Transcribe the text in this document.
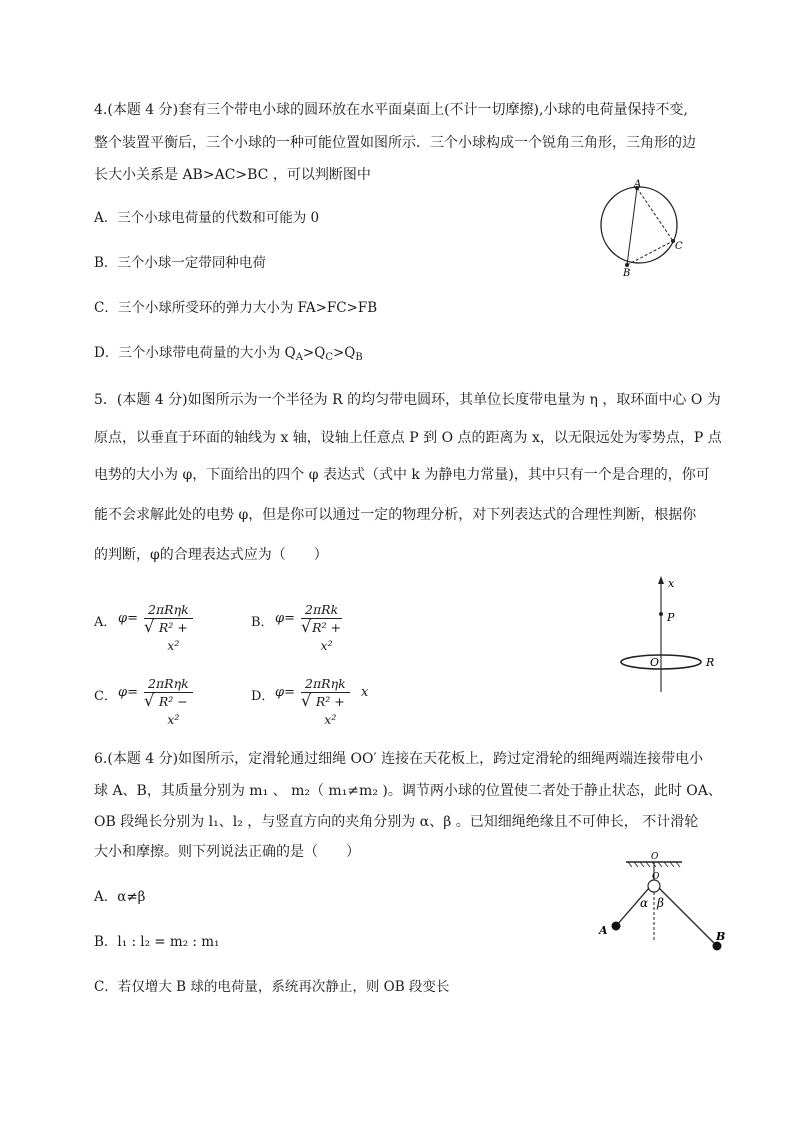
4.(本题 4 分)套有三个带电小球的圆环放在水平面桌面上(不计一切摩擦),小球的电荷量保持不变,
整个装置平衡后，三个小球的一种可能位置如图所示．三个小球构成一个锐角三角形，三角形的边
长大小关系是 AB>AC>BC ，可以判断图中
A．三个小球电荷量的代数和可能为 0
B．三个小球一定带同种电荷
C．三个小球所受环的弹力大小为 FA>FC>FB
D．三个小球带电荷量的大小为 $Q_A>Q_C>Q_B$
A
B
C
5．(本题 4 分)如图所示为一个半径为 R 的均匀带电圆环，其单位长度带电量为 η ，取环面中心 O 为
原点，以垂直于环面的轴线为 x 轴，设轴上任意点 P 到 O 点的距离为 x，以无限远处为零势点，P 点
电势的大小为 φ，下面给出的四个 φ 表达式（式中 k 为静电力常量)，其中只有一个是合理的，你可
能不会求解此处的电势 φ，但是你可以通过一定的物理分析，对下列表达式的合理性判断，根据你
的判断，φ的合理表达式应为（　　）
A． φ=
2πRηk
√ R² + x²
B． φ=
2πRk
√ R² + x²
C． φ=
2πRηk
√ R² − x²
D． φ=
2πRηk
√ R² + x²
x
x
P
O	R
6.(本题 4 分)如图所示，定滑轮通过细绳 OO′ 连接在天花板上，跨过定滑轮的细绳两端连接带电小
球 A、B，其质量分别为 m₁ 、 m₂（ m₁≠m₂ )。调节两小球的位置使二者处于静止状态，此时 OA、
OB 段绳长分别为 l₁、l₂ ，与竖直方向的夹角分别为 α、β 。已知细绳绝缘且不可伸长， 不计滑轮
大小和摩擦。则下列说法正确的是（　　）
A．α≠β
B．l₁ : l₂ = m₂ : m₁
C．若仅增大 B 球的电荷量，系统再次静止，则 OB 段变长
O
O
α β
A	B
